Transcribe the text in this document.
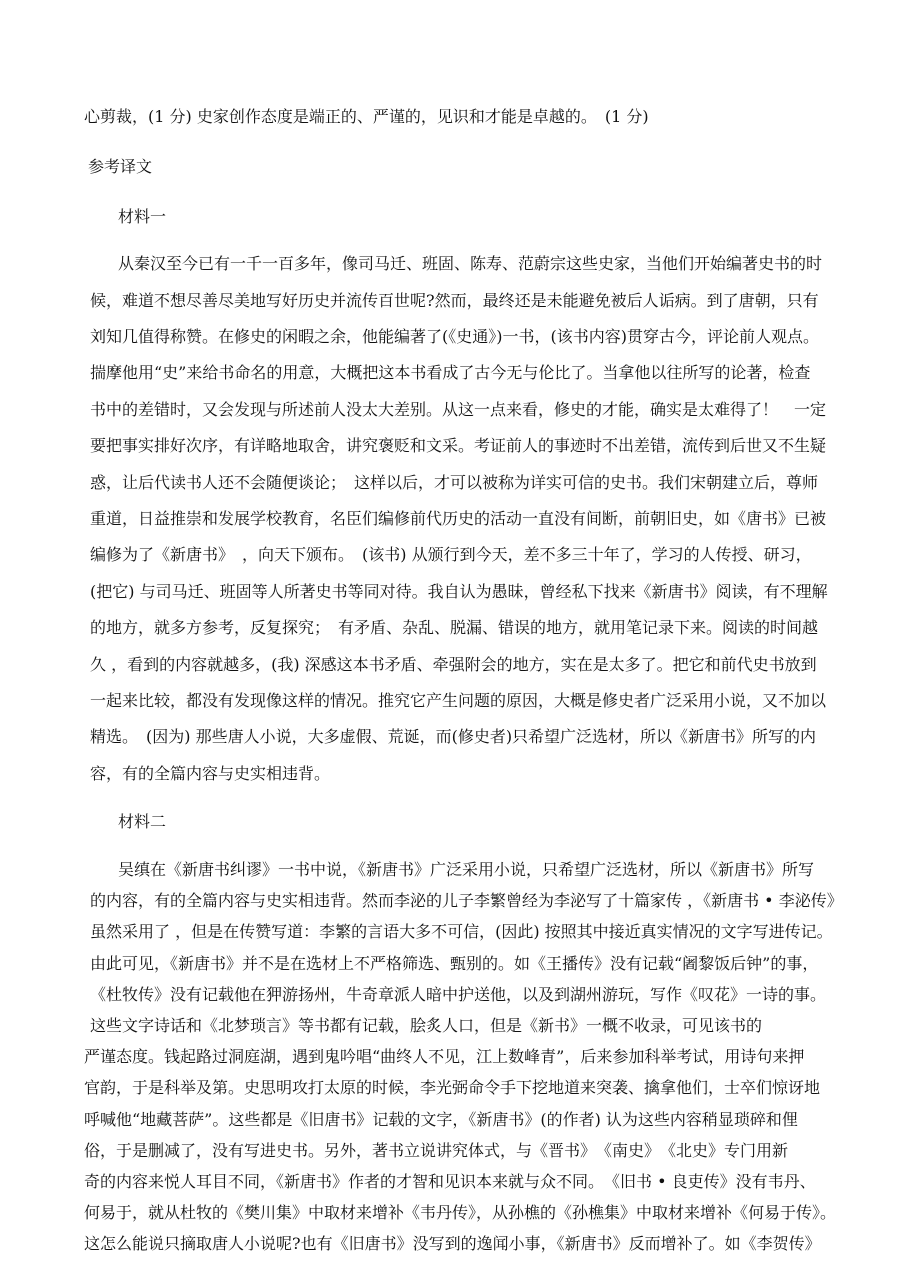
心剪裁，(1 分) 史家创作态度是端正的、严谨的，见识和才能是卓越的。　(1 分)
参考译文
材料一
从秦汉至今已有一千一百多年，像司马迁、班固、陈寿、范蔚宗这些史家，当他们开始编著史书的时
候，难道不想尽善尽美地写好历史并流传百世呢?然而，最终还是未能避免被后人诟病。到了唐朝，只有
刘知几值得称赞。在修史的闲暇之余，他能编著了(《史通》)一书，(该书内容)贯穿古今，评论前人观点。
揣摩他用“史”来给书命名的用意，大概把这本书看成了古今无与伦比了。当拿他以往所写的论著，检查
书中的差错时，又会发现与所述前人没太大差别。从这一点来看，修史的才能，确实是太难得了！　一定
要把事实排好次序，有详略地取舍，讲究褒贬和文采。考证前人的事迹时不出差错，流传到后世又不生疑
惑，让后代读书人还不会随便谈论；　这样以后，才可以被称为详实可信的史书。我们宋朝建立后，尊师
重道，日益推崇和发展学校教育，名臣们编修前代历史的活动一直没有间断，前朝旧史，如《唐书》已被
编修为了《新唐书》　，向天下颁布。　(该书) 从颁行到今天，差不多三十年了，学习的人传授、研习，
(把它) 与司马迁、班固等人所著史书等同对待。我自认为愚昧，曾经私下找来《新唐书》阅读，有不理解
的地方，就多方参考，反复探究；　有矛盾、杂乱、脱漏、错误的地方，就用笔记录下来。阅读的时间越
久 ，看到的内容就越多，(我) 深感这本书矛盾、牵强附会的地方，实在是太多了。把它和前代史书放到
一起来比较，都没有发现像这样的情况。推究它产生问题的原因，大概是修史者广泛采用小说，又不加以
精选。　(因为) 那些唐人小说，大多虚假、荒诞，而(修史者)只希望广泛选材，所以《新唐书》所写的内
容，有的全篇内容与史实相违背。
材料二
吴缜在《新唐书纠谬》一书中说，《新唐书》广泛采用小说，只希望广泛选材，所以《新唐书》所写
的内容，有的全篇内容与史实相违背。然而李泌的儿子李繁曾经为李泌写了十篇家传 ，《新唐书 • 李泌传》
虽然采用了 ，但是在传赞写道：李繁的言语大多不可信，(因此) 按照其中接近真实情况的文字写进传记。
由此可见，《新唐书》并不是在选材上不严格筛选、甄别的。如《王播传》没有记载“阇黎饭后钟”的事，
《杜牧传》没有记载他在狎游扬州，牛奇章派人暗中护送他，以及到湖州游玩，写作《叹花》一诗的事。
这些文字诗话和《北梦琐言》等书都有记载，脍炙人口，但是《新书》一概不收录，可见该书的
严谨态度。钱起路过洞庭湖，遇到鬼吟唱“曲终人不见，江上数峰青”，后来参加科举考试，用诗句来押
官韵，于是科举及第。史思明攻打太原的时候，李光弼命令手下挖地道来突袭、擒拿他们，士卒们惊讶地
呼喊他“地藏菩萨”。这些都是《旧唐书》记载的文字，《新唐书》(的作者) 认为这些内容稍显琐碎和俚
俗，于是删减了，没有写进史书。另外，著书立说讲究体式，与《晋书》　《南史》　《北史》专门用新
奇的内容来悦人耳目不同，《新唐书》作者的才智和见识本来就与众不同。　《旧书 • 良吏传》没有韦丹、
何易于，就从杜牧的《樊川集》中取材来增补《韦丹传》，从孙樵的《孙樵集》中取材来增补《何易于传》。
这怎么能说只摘取唐人小说呢?也有《旧唐书》没写到的逸闻小事，《新唐书》反而增补了。如《李贺传》
